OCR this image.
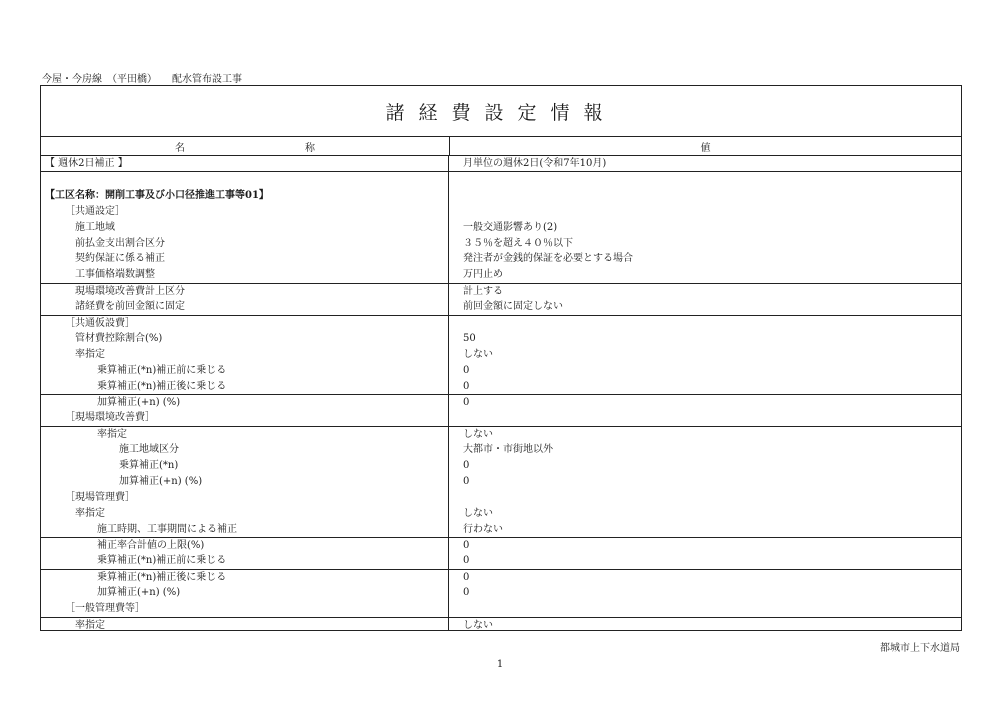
今屋・今房線　（平田橋）　　配水管布設工事
諸経費設定情報
名	称	値
【 週休2日補正 】	月単位の週休2日(令和7年10月)
【工区名称：開削工事及び小口径推進工事等01】
［共通設定］
施工地域	一般交通影響あり(2)
前払金支出割合区分	３５％を超え４０％以下
契約保証に係る補正	発注者が金銭的保証を必要とする場合
工事価格端数調整	万円止め
現場環境改善費計上区分	計上する
諸経費を前回金額に固定	前回金額に固定しない
［共通仮設費］
管材費控除割合(%)	50
率指定	しない
乗算補正(*n)補正前に乗じる	0
乗算補正(*n)補正後に乗じる	0
加算補正(+n) (%)	0
［現場環境改善費］
率指定	しない
施工地域区分	大都市・市街地以外
乗算補正(*n)	0
加算補正(+n) (%)	0
［現場管理費］
率指定	しない
施工時期、工事期間による補正	行わない
補正率合計値の上限(%)	0
乗算補正(*n)補正前に乗じる	0
乗算補正(*n)補正後に乗じる	0
加算補正(+n) (%)	0
［一般管理費等］
率指定	しない
都城市上下水道局
1
